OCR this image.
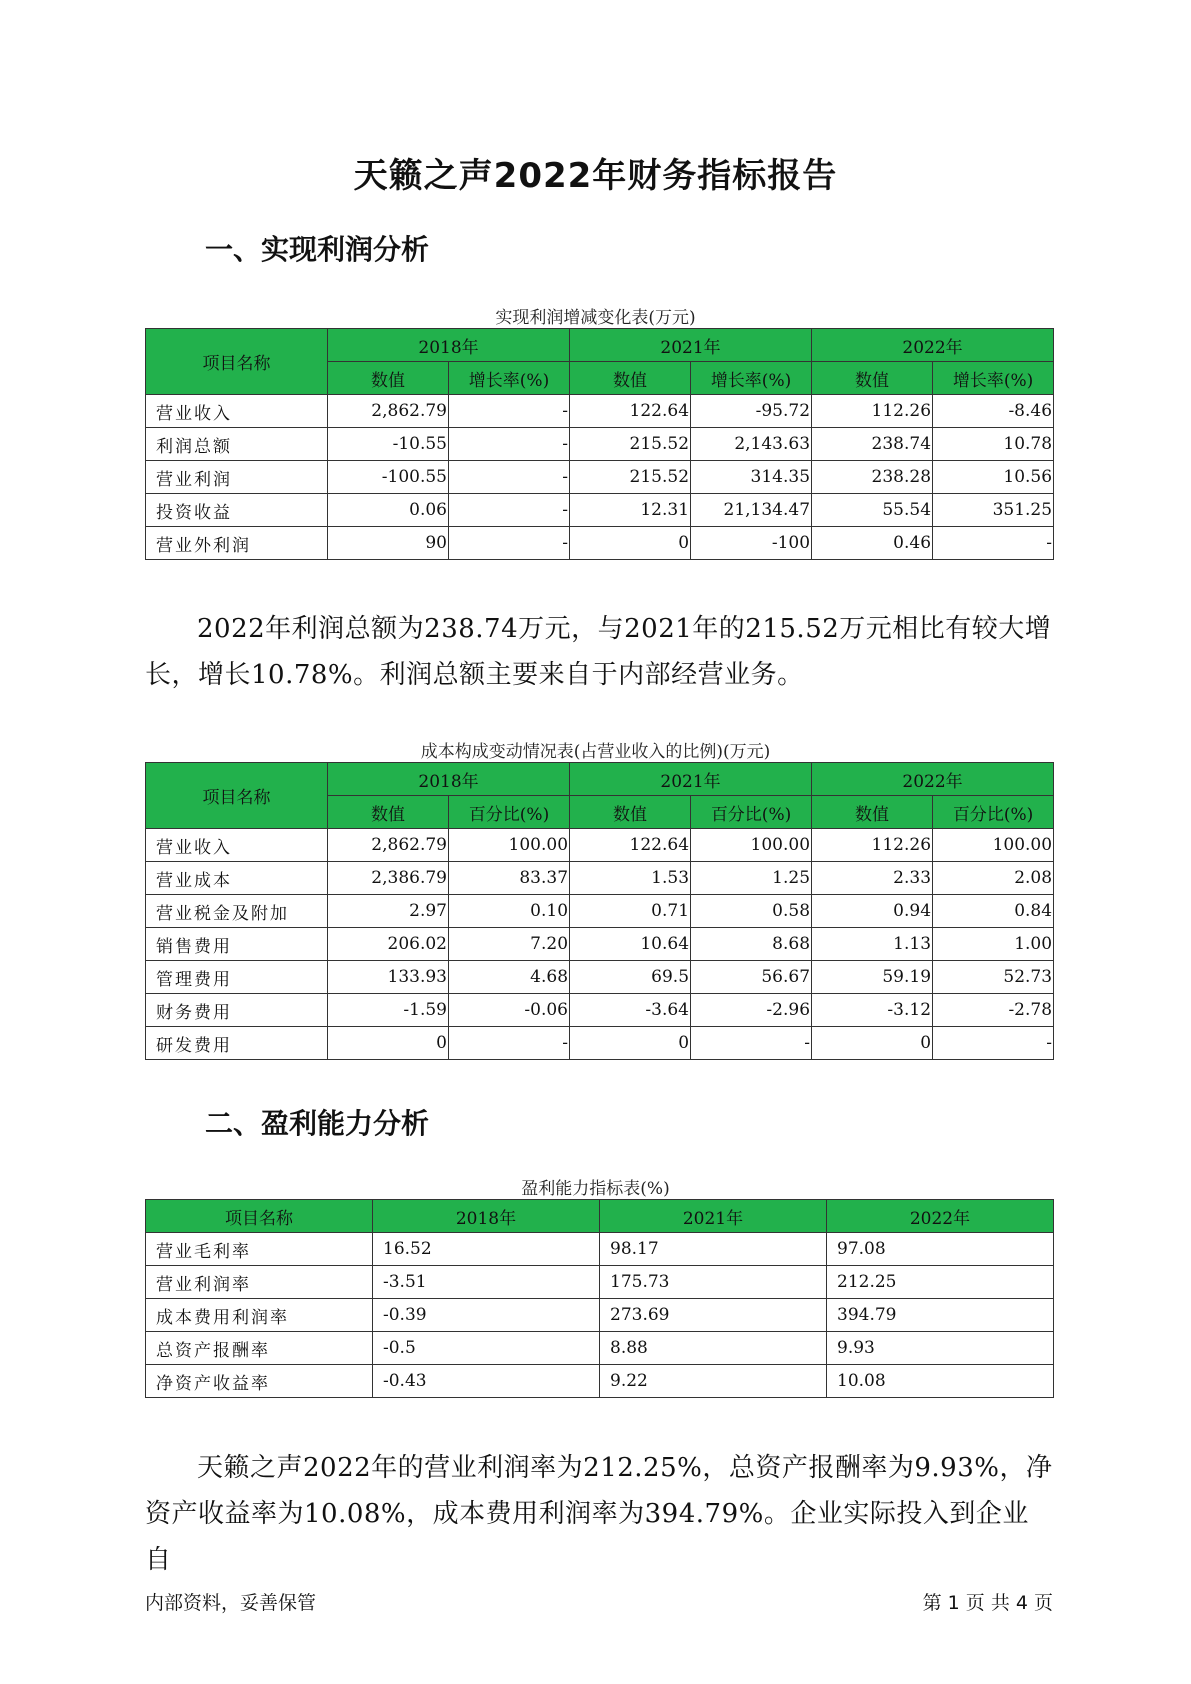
天籁之声2022年财务指标报告
一、实现利润分析
实现利润增减变化表(万元)
项目名称	2018年		2021年		2022年	
	数值	增长率(%)	数值	增长率(%)	数值	增长率(%)
营业收入	2,862.79	-	122.64	-95.72	112.26	-8.46
利润总额	-10.55	-	215.52	2,143.63	238.74	10.78
营业利润	-100.55	-	215.52	314.35	238.28	10.56
投资收益	0.06	-	12.31	21,134.47	55.54	351.25
营业外利润	90	-	0	-100	0.46	-
2022年利润总额为238.74万元，与2021年的215.52万元相比有较大增长，增长10.78%。利润总额主要来自于内部经营业务。
成本构成变动情况表(占营业收入的比例)(万元)
项目名称	2018年		2021年		2022年	
	数值	百分比(%)	数值	百分比(%)	数值	百分比(%)
营业收入	2,862.79	100.00	122.64	100.00	112.26	100.00
营业成本	2,386.79	83.37	1.53	1.25	2.33	2.08
营业税金及附加	2.97	0.10	0.71	0.58	0.94	0.84
销售费用	206.02	7.20	10.64	8.68	1.13	1.00
管理费用	133.93	4.68	69.5	56.67	59.19	52.73
财务费用	-1.59	-0.06	-3.64	-2.96	-3.12	-2.78
研发费用	0	-	0	-	0	-
二、盈利能力分析
盈利能力指标表(%)
项目名称	2018年	2021年	2022年
营业毛利率	16.52	98.17	97.08
营业利润率	-3.51	175.73	212.25
成本费用利润率	-0.39	273.69	394.79
总资产报酬率	-0.5	8.88	9.93
净资产收益率	-0.43	9.22	10.08
天籁之声2022年的营业利润率为212.25%，总资产报酬率为9.93%，净资产收益率为10.08%，成本费用利润率为394.79%。企业实际投入到企业自
内部资料，妥善保管	第 1 页 共 4 页
